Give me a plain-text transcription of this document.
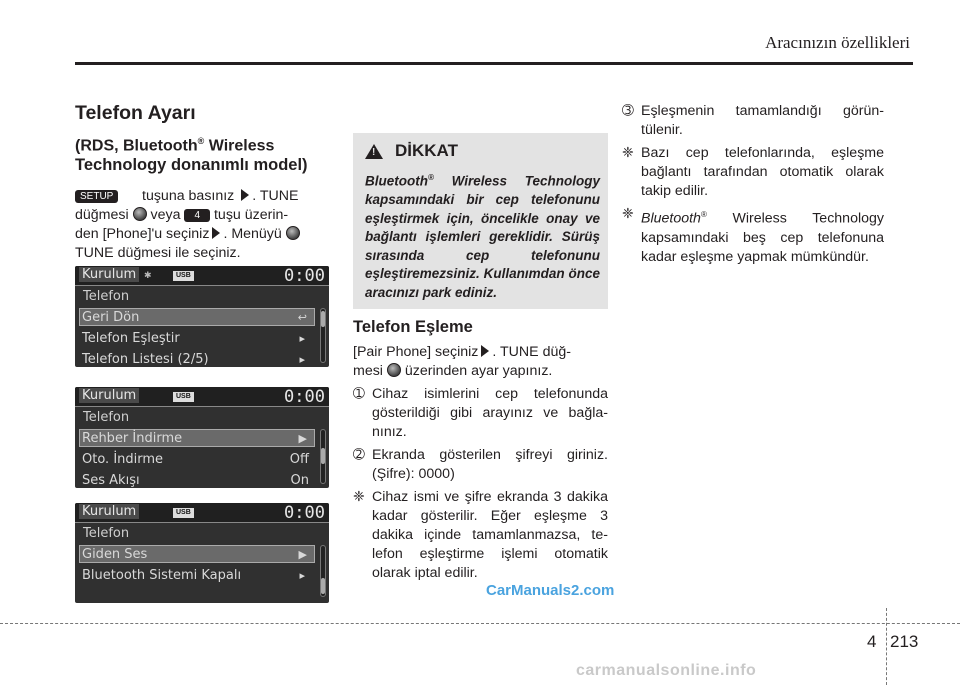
Aracınızın özellikleri
Telefon Ayarı
(RDS, Bluetooth® Wireless
Technology donanımlı model)
SETUP tuşuna basınız . TUNE
düğmesi veya 4 tuşu üzerin-
den [Phone]'u seçiniz . Menüyü
TUNE düğmesi ile seçiniz.
Kurulum ✱	USB	0:00
Telefon
Geri Dön	↩
Telefon Eşleştir	▸
Telefon Listesi (2/5)	▸
Kurulum	USB	0:00
Telefon
Rehber İndirme	▶
Oto. İndirme	Off
Ses Akışı	On
Kurulum	USB	0:00
Telefon
Giden Ses	▶
Bluetooth Sistemi Kapalı	▸
!
DİKKAT
Bluetooth® Wireless Technology kapsamındaki bir cep telefonunu eşleştirmek için, öncelikle onay ve bağlantı işlemleri gereklidir. Sürüş sırasında cep telefonunu eşleştiremezsiniz. Kullanımdan önce aracınızı park ediniz.
Telefon Eşleme
[Pair Phone] seçiniz . TUNE düğ-
mesi üzerinden ayar yapınız.
➀ Cihaz isimlerini cep telefonunda gösterildiği gibi arayınız ve bağlanınız.
➁ Ekranda gösterilen şifreyi giriniz. (Şifre): 0000)
❈ Cihaz ismi ve şifre ekranda 3 dakika kadar gösterilir. Eğer eşleşme 3 dakika içinde tamamlanmazsa, telefon eşleştirme işlemi otomatik olarak iptal edilir.
➂ Eşleşmenin tamamlandığı görüntülenir.
❈ Bazı cep telefonlarında, eşleşme bağlantı tarafından otomatik olarak takip edilir.
❈ Bluetooth® Wireless Technology kapsamındaki beş cep telefonuna kadar eşleşme yapmak mümkündür.
CarManuals2.com
4 213
carmanualsonline.info
